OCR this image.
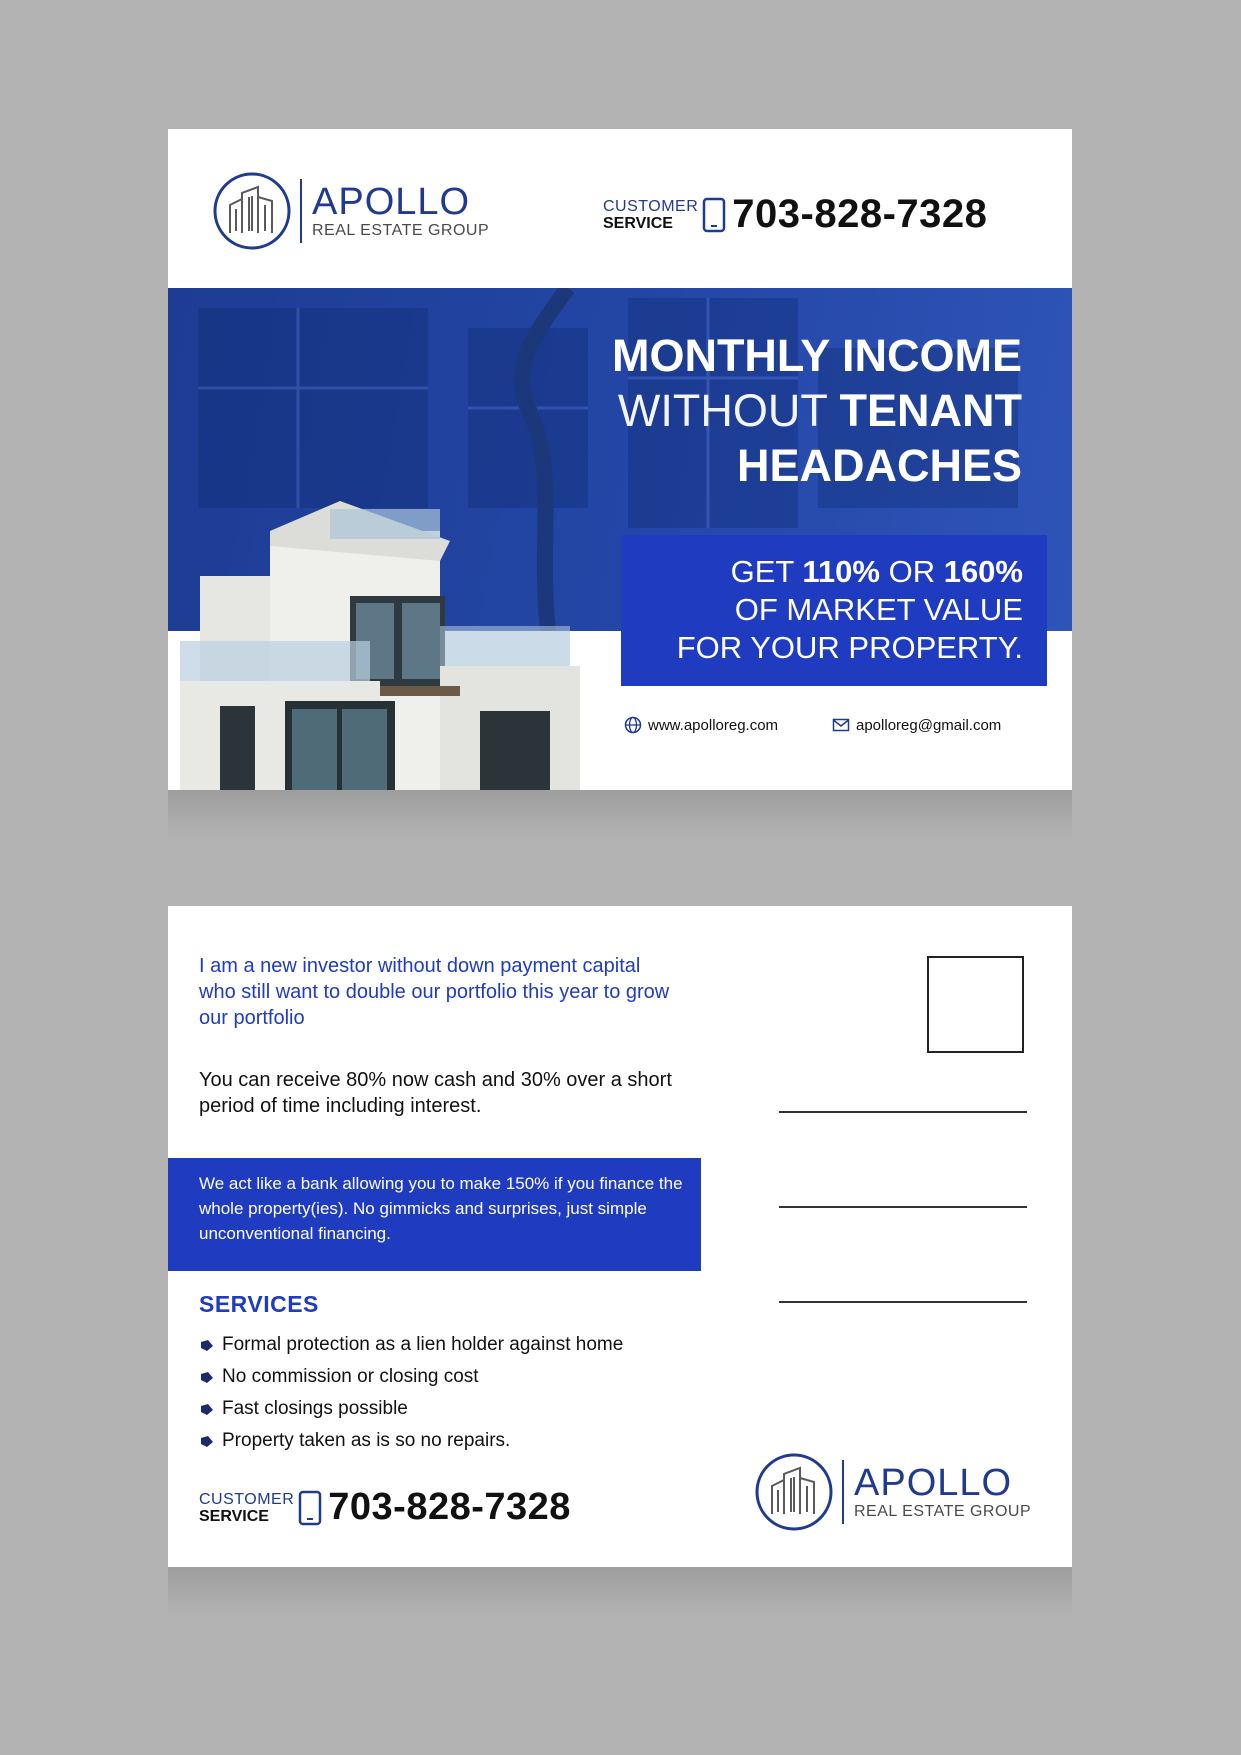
APOLLO
REAL ESTATE GROUP
CUSTOMER
SERVICE	703-828-7328
MONTHLY INCOME
WITHOUT TENANT
HEADACHES
GET 110% OR 160%
OF MARKET VALUE
FOR YOUR PROPERTY.
www.apolloreg.com	apolloreg@gmail.com
I am a new investor without down payment capital who still want to double our portfolio this year to grow our portfolio
You can receive 80% now cash and 30% over a short period of time including interest.
We act like a bank allowing you to make 150% if you finance the whole property(ies). No gimmicks and surprises, just simple unconventional financing.
SERVICES
Formal protection as a lien holder against home
No commission or closing cost
Fast closings possible
Property taken as is so no repairs.
CUSTOMER
SERVICE	703-828-7328
APOLLO
REAL ESTATE GROUP
